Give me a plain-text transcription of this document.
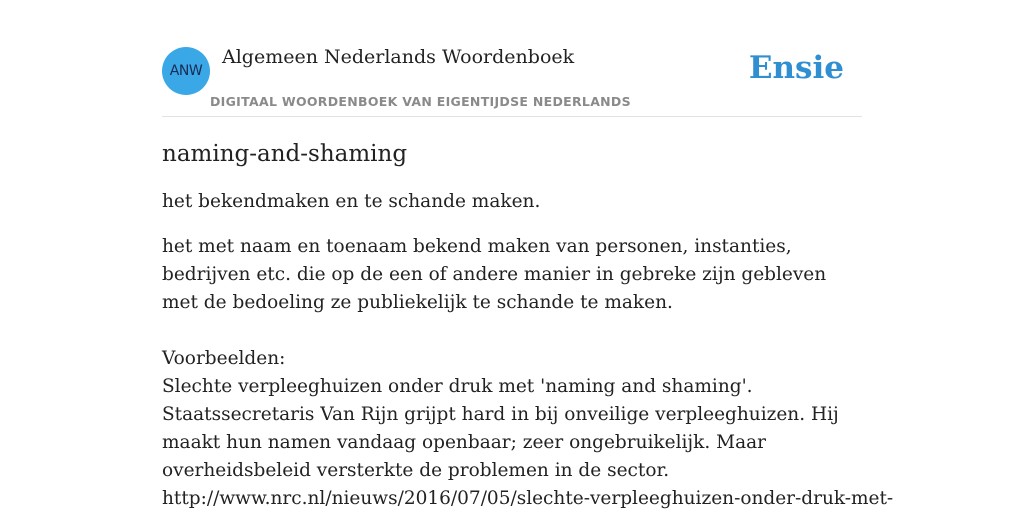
ANW
Algemeen Nederlands Woordenboek
DIGITAAL WOORDENBOEK VAN EIGENTIJDSE NEDERLANDS
Ensie
naming-and-shaming

het bekendmaken en te schande maken.

het met naam en toenaam bekend maken van personen, instanties, bedrijven etc. die op de een of andere manier in gebreke zijn gebleven met de bedoeling ze publiekelijk te schande te maken.

Voorbeelden:
Slechte verpleeghuizen onder druk met 'naming and shaming'. Staatssecretaris Van Rijn grijpt hard in bij onveilige verpleeghuizen. Hij maakt hun namen vandaag openbaar; zeer ongebruikelijk. Maar overheidsbeleid versterkte de problemen in de sector.
http://www.nrc.nl/nieuws/2016/07/05/slechte-verpleeghuizen-onder-druk-met-
